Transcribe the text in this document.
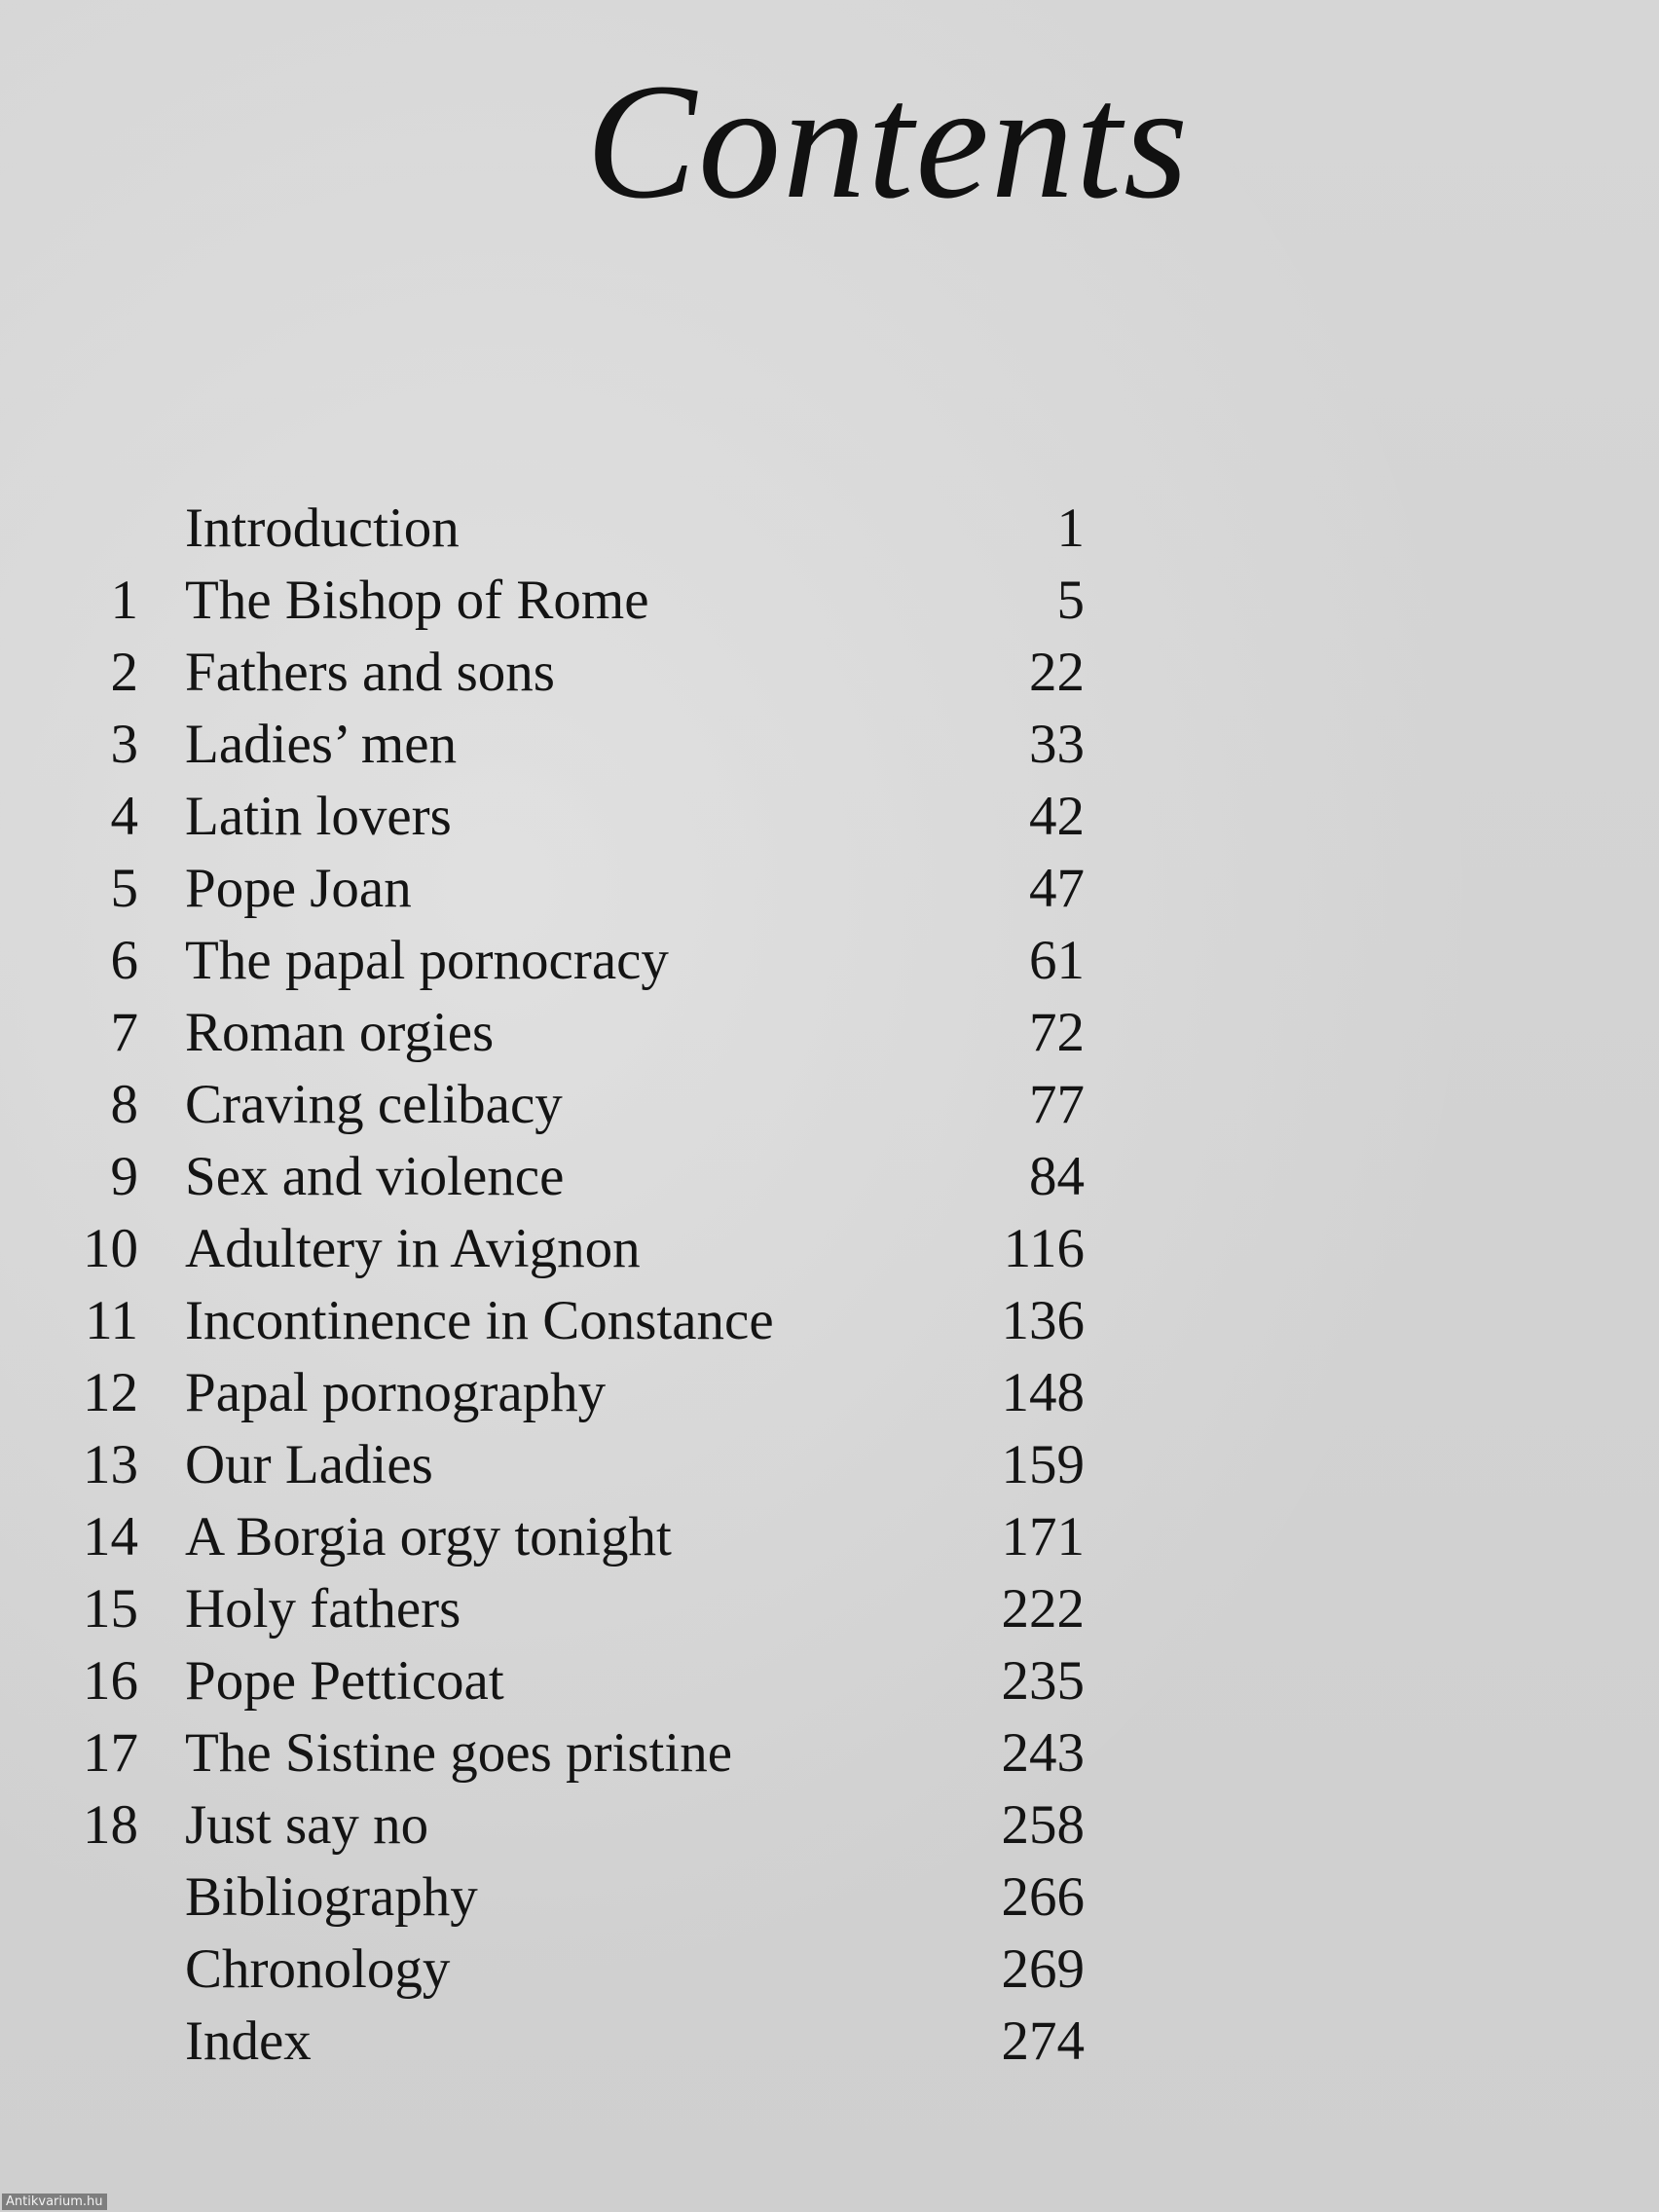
Contents
Introduction	1
1 The Bishop of Rome	5
2 Fathers and sons	22
3 Ladies’ men	33
4 Latin lovers	42
5 Pope Joan	47
6 The papal pornocracy	61
7 Roman orgies	72
8 Craving celibacy	77
9 Sex and violence	84
10 Adultery in Avignon	116
11 Incontinence in Constance	136
12 Papal pornography	148
13 Our Ladies	159
14 A Borgia orgy tonight	171
15 Holy fathers	222
16 Pope Petticoat	235
17 The Sistine goes pristine	243
18 Just say no	258
Bibliography	266
Chronology	269
Index	274
Antikvarium.hu
